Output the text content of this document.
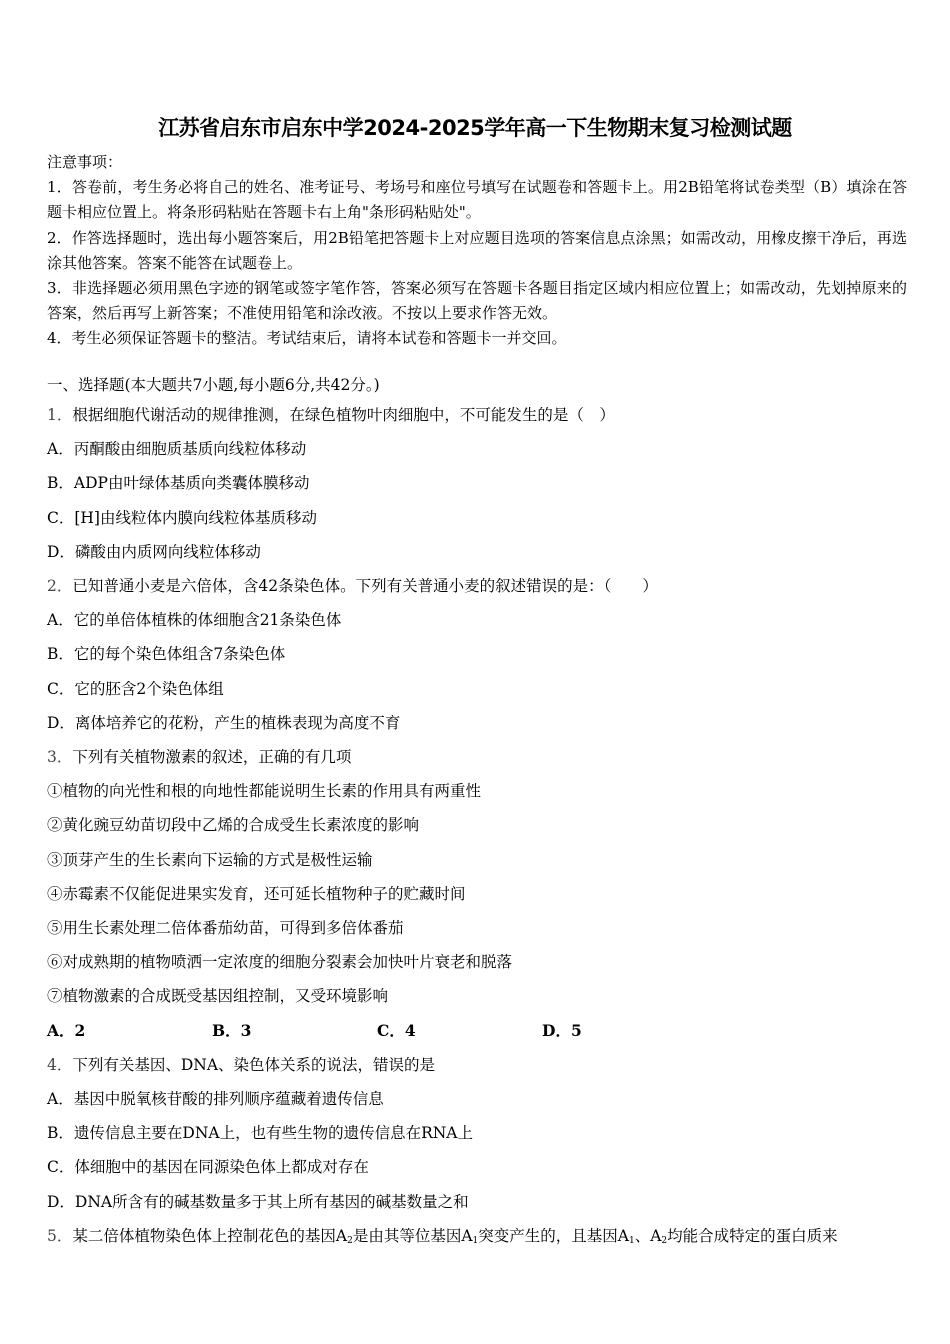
江苏省启东市启东中学2024-2025学年高一下生物期末复习检测试题
注意事项：
1．答卷前，考生务必将自己的姓名、准考证号、考场号和座位号填写在试题卷和答题卡上。用2B铅笔将试卷类型（B）填涂在答题卡相应位置上。将条形码粘贴在答题卡右上角"条形码粘贴处"。
2．作答选择题时，选出每小题答案后，用2B铅笔把答题卡上对应题目选项的答案信息点涂黑；如需改动，用橡皮擦干净后，再选涂其他答案。答案不能答在试题卷上。
3．非选择题必须用黑色字迹的钢笔或签字笔作答，答案必须写在答题卡各题目指定区域内相应位置上；如需改动，先划掉原来的答案，然后再写上新答案；不准使用铅笔和涂改液。不按以上要求作答无效。
4．考生必须保证答题卡的整洁。考试结束后，请将本试卷和答题卡一并交回。
一、选择题(本大题共7小题,每小题6分,共42分。)
1．根据细胞代谢活动的规律推测，在绿色植物叶肉细胞中，不可能发生的是（　）
A．丙酮酸由细胞质基质向线粒体移动
B．ADP由叶绿体基质向类囊体膜移动
C．[H]由线粒体内膜向线粒体基质移动
D．磷酸由内质网向线粒体移动
2．已知普通小麦是六倍体，含42条染色体。下列有关普通小麦的叙述错误的是：（　　）
A．它的单倍体植株的体细胞含21条染色体
B．它的每个染色体组含7条染色体
C．它的胚含2个染色体组
D．离体培养它的花粉，产生的植株表现为高度不育
3．下列有关植物激素的叙述，正确的有几项
①植物的向光性和根的向地性都能说明生长素的作用具有两重性
②黄化豌豆幼苗切段中乙烯的合成受生长素浓度的影响
③顶芽产生的生长素向下运输的方式是极性运输
④赤霉素不仅能促进果实发育，还可延长植物种子的贮藏时间
⑤用生长素处理二倍体番茄幼苗，可得到多倍体番茄
⑥对成熟期的植物喷洒一定浓度的细胞分裂素会加快叶片衰老和脱落
⑦植物激素的合成既受基因组控制，又受环境影响
A．2	B．3	C．4	D．5
4．下列有关基因、DNA、染色体关系的说法，错误的是
A．基因中脱氧核苷酸的排列顺序蕴藏着遗传信息
B．遗传信息主要在DNA上，也有些生物的遗传信息在RNA上
C．体细胞中的基因在同源染色体上都成对存在
D．DNA所含有的碱基数量多于其上所有基因的碱基数量之和
5．某二倍体植物染色体上控制花色的基因$A_2$是由其等位基因$A_1$突变产生的，且基因$A_1$、$A_2$均能合成特定的蛋白质来
